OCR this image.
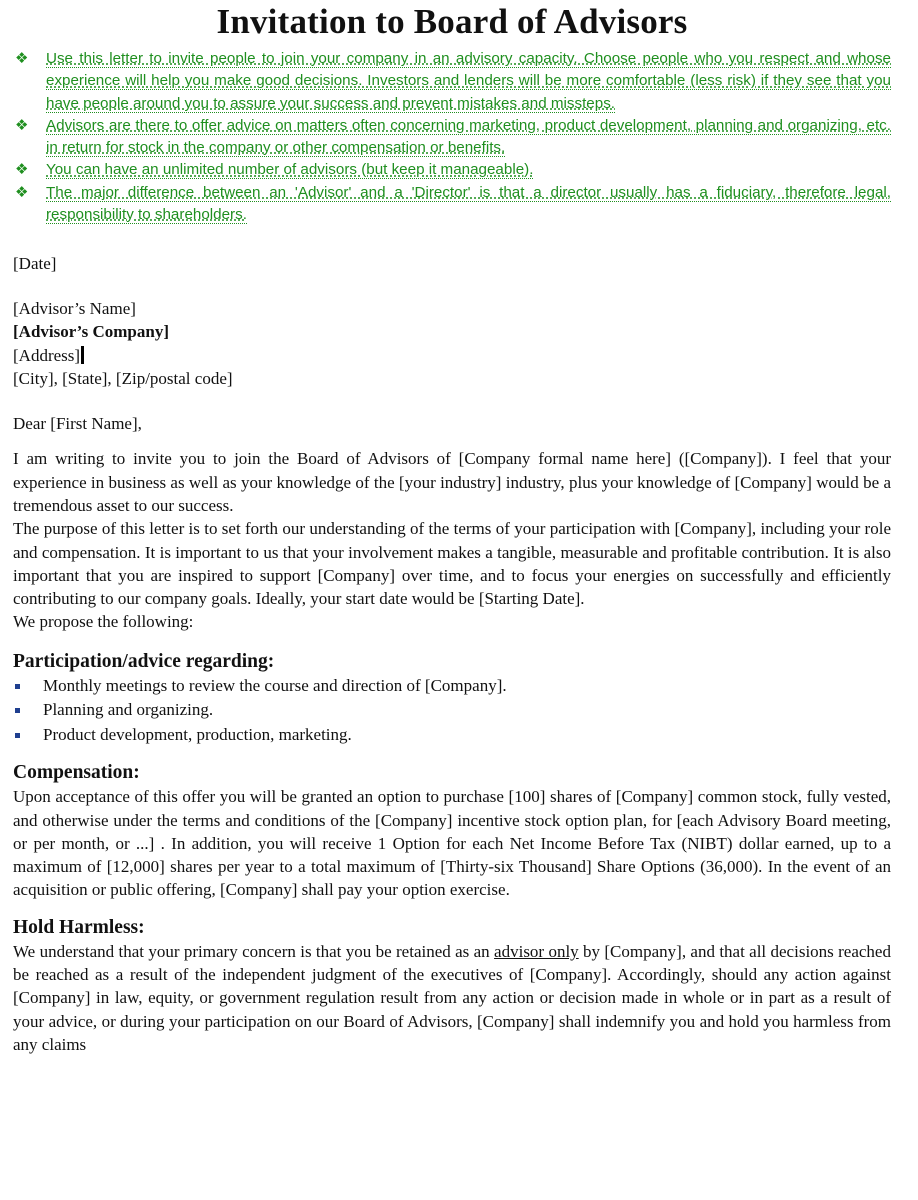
Invitation to Board of Advisors
❖ Use this letter to invite people to join your company in an advisory capacity. Choose people who you respect and whose experience will help you make good decisions. Investors and lenders will be more comfortable (less risk) if they see that you have people around you to assure your success and prevent mistakes and missteps.
❖ Advisors are there to offer advice on matters often concerning marketing, product development, planning and organizing, etc. in return for stock in the company or other compensation or benefits.
❖ You can have an unlimited number of advisors (but keep it manageable).
❖ The major difference between an 'Advisor' and a 'Director' is that a director usually has a fiduciary, therefore legal, responsibility to shareholders.

[Date]

[Advisor’s Name]

[Advisor’s Company]

[Address]

[City], [State], [Zip/postal code]

Dear [First Name],

I am writing to invite you to join the Board of Advisors of [Company formal name here] ([Company]). I feel that your experience in business as well as your knowledge of the [your industry] industry, plus your knowledge of [Company] would be a tremendous asset to our success.

The purpose of this letter is to set forth our understanding of the terms of your participation with [Company], including your role and compensation. It is important to us that your involvement makes a tangible, measurable and profitable contribution. It is also important that you are inspired to support [Company] over time, and to focus your energies on successfully and efficiently contributing to our company goals. Ideally, your start date would be [Starting Date].

We propose the following:

Participation/advice regarding:
Monthly meetings to review the course and direction of [Company].
Planning and organizing.
Product development, production, marketing.
Compensation:

Upon acceptance of this offer you will be granted an option to purchase [100] shares of [Company] common stock, fully vested, and otherwise under the terms and conditions of the [Company] incentive stock option plan, for [each Advisory Board meeting, or per month, or ...] . In addition, you will receive 1 Option for each Net Income Before Tax (NIBT) dollar earned, up to a maximum of [12,000] shares per year to a total maximum of [Thirty-six Thousand] Share Options (36,000). In the event of an acquisition or public offering, [Company] shall pay your option exercise.

Hold Harmless:

We understand that your primary concern is that you be retained as an advisor only by [Company], and that all decisions reached be reached as a result of the independent judgment of the executives of [Company]. Accordingly, should any action against [Company] in law, equity, or government regulation result from any action or decision made in whole or in part as a result of your advice, or during your participation on our Board of Advisors, [Company] shall indemnify you and hold you harmless from any claims
